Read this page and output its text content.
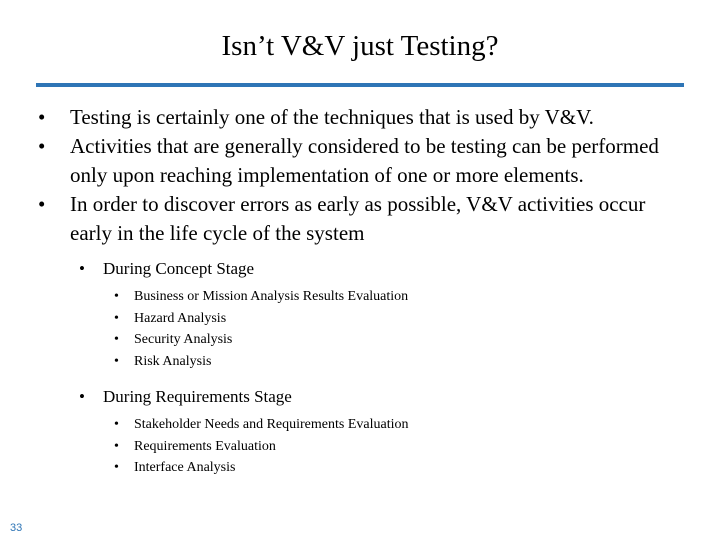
Isn’t V&V just Testing?
• Testing is certainly one of the techniques that is used by V&V.
• Activities that are generally considered to be testing can be performed only upon reaching implementation of one or more elements.
• In order to discover errors as early as possible, V&V activities occur early in the life cycle of the system
• During Concept Stage
• Business or Mission Analysis Results Evaluation
• Hazard Analysis
• Security Analysis
• Risk Analysis
• During Requirements Stage
• Stakeholder Needs and Requirements Evaluation
• Requirements Evaluation
• Interface Analysis
33
